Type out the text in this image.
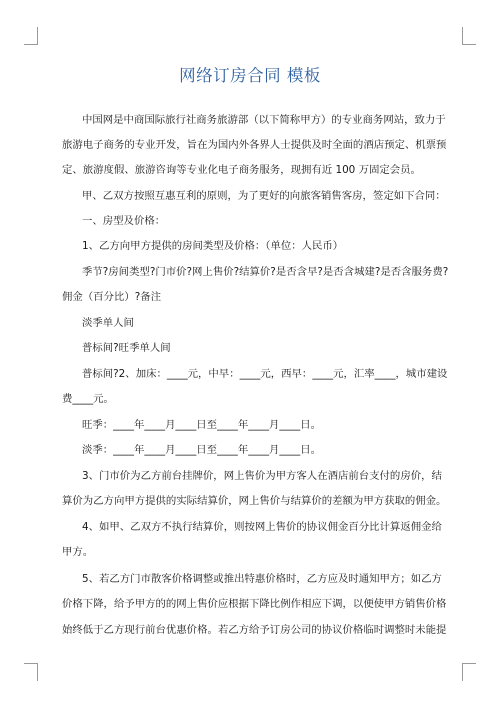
网络订房合同 模板

中国网是中商国际旅行社商务旅游部（以下简称甲方）的专业商务网站，致力于

旅游电子商务的专业开发，旨在为国内外各界人士提供及时全面的酒店预定、机票预

定、旅游度假、旅游咨询等专业化电子商务服务，现拥有近 100 万固定会员。

甲、乙双方按照互惠互利的原则，为了更好的向旅客销售客房，签定如下合同：

一、房型及价格：

1、乙方向甲方提供的房间类型及价格：（单位：人民币）

季节?房间类型?门市价?网上售价?结算价?是否含早?是否含城建?是否含服务费?

佣金（百分比）?备注

淡季单人间

普标间?旺季单人间

普标间?2、加床：____元，中早：____元，西早：____元，汇率____，城市建设

费____元。

旺季：____年____月____日至____年____月____日。

淡季：____年____月____日至____年____月____日。

3、门市价为乙方前台挂牌价，网上售价为甲方客人在酒店前台支付的房价，结

算价为乙方向甲方提供的实际结算价，网上售价与结算价的差额为甲方获取的佣金。

4、如甲、乙双方不执行结算价，则按网上售价的协议佣金百分比计算返佣金给

甲方。

5、若乙方门市散客价格调整或推出特惠价格时，乙方应及时通知甲方；如乙方

价格下降，给予甲方的的网上售价应根据下降比例作相应下调，以便使甲方销售价格

始终低于乙方现行前台优惠价格。若乙方给予订房公司的协议价格临时调整时未能提
